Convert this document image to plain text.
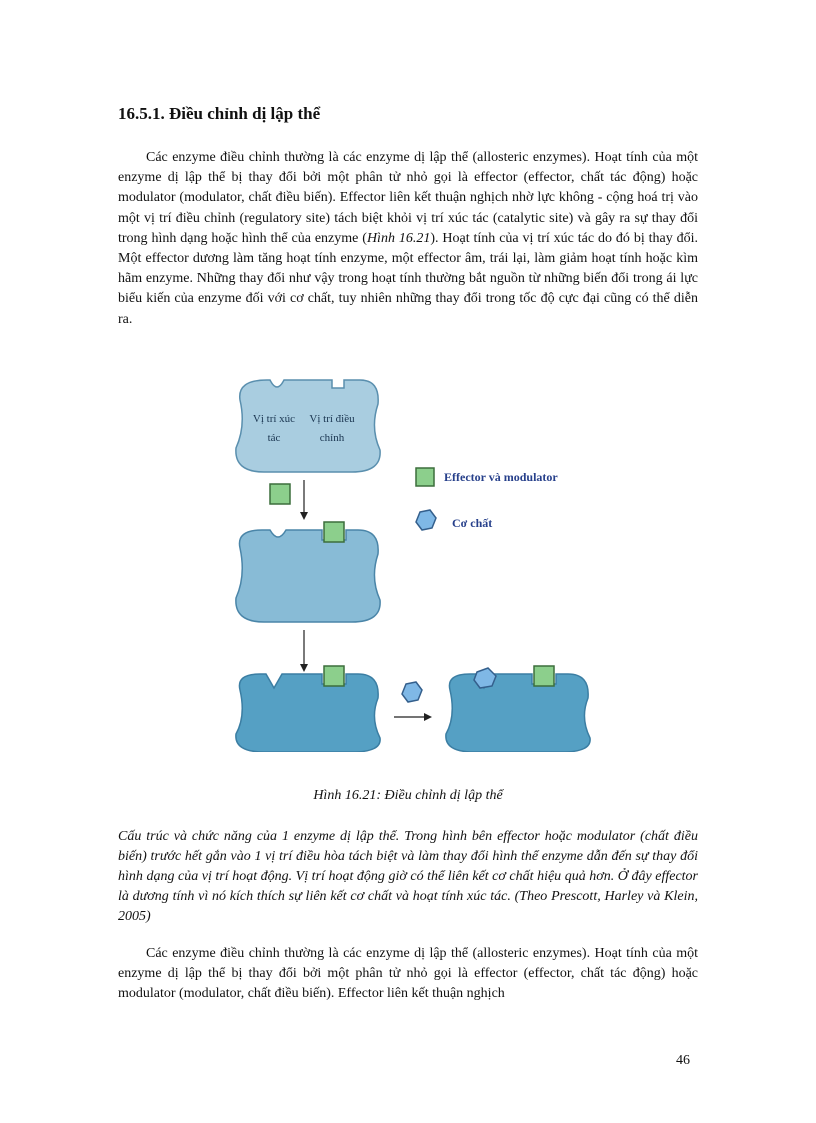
16.5.1. Điều chỉnh dị lập thể

Các enzyme điều chỉnh thường là các enzyme dị lập thể (allosteric enzymes). Hoạt tính của một enzyme dị lập thể bị thay đổi bởi một phân tử nhỏ gọi là effector (effector, chất tác động) hoặc modulator (modulator, chất điều biến). Effector liên kết thuận nghịch nhờ lực không - cộng hoá trị vào một vị trí điều chỉnh (regulatory site) tách biệt khỏi vị trí xúc tác (catalytic site) và gây ra sự thay đổi trong hình dạng hoặc hình thể của enzyme (Hình 16.21). Hoạt tính của vị trí xúc tác do đó bị thay đổi. Một effector dương làm tăng hoạt tính enzyme, một effector âm, trái lại, làm giảm hoạt tính hoặc kìm hãm enzyme. Những thay đổi như vậy trong hoạt tính thường bắt nguồn từ những biến đổi trong ái lực biểu kiến của enzyme đối với cơ chất, tuy nhiên những thay đổi trong tốc độ cực đại cũng có thể diễn ra.

Vị trí xúc
tác
Vị trí điều
chỉnh
Effector và modulator
Cơ chất

Hình 16.21: Điều chỉnh dị lập thể

Cấu trúc và chức năng của 1 enzyme dị lập thể. Trong hình bên effector hoặc modulator (chất điều biến) trước hết gắn vào 1 vị trí điều hòa tách biệt và làm thay đổi hình thể enzyme dẫn đến sự thay đổi hình dạng của vị trí hoạt động. Vị trí hoạt động giờ có thể liên kết cơ chất hiệu quả hơn. Ở đây effector là dương tính vì nó kích thích sự liên kết cơ chất và hoạt tính xúc tác. (Theo Prescott, Harley và Klein, 2005)

Các enzyme điều chỉnh thường là các enzyme dị lập thể (allosteric enzymes). Hoạt tính của một enzyme dị lập thể bị thay đổi bởi một phân tử nhỏ gọi là effector (effector, chất tác động) hoặc modulator (modulator, chất điều biến). Effector liên kết thuận nghịch

46
